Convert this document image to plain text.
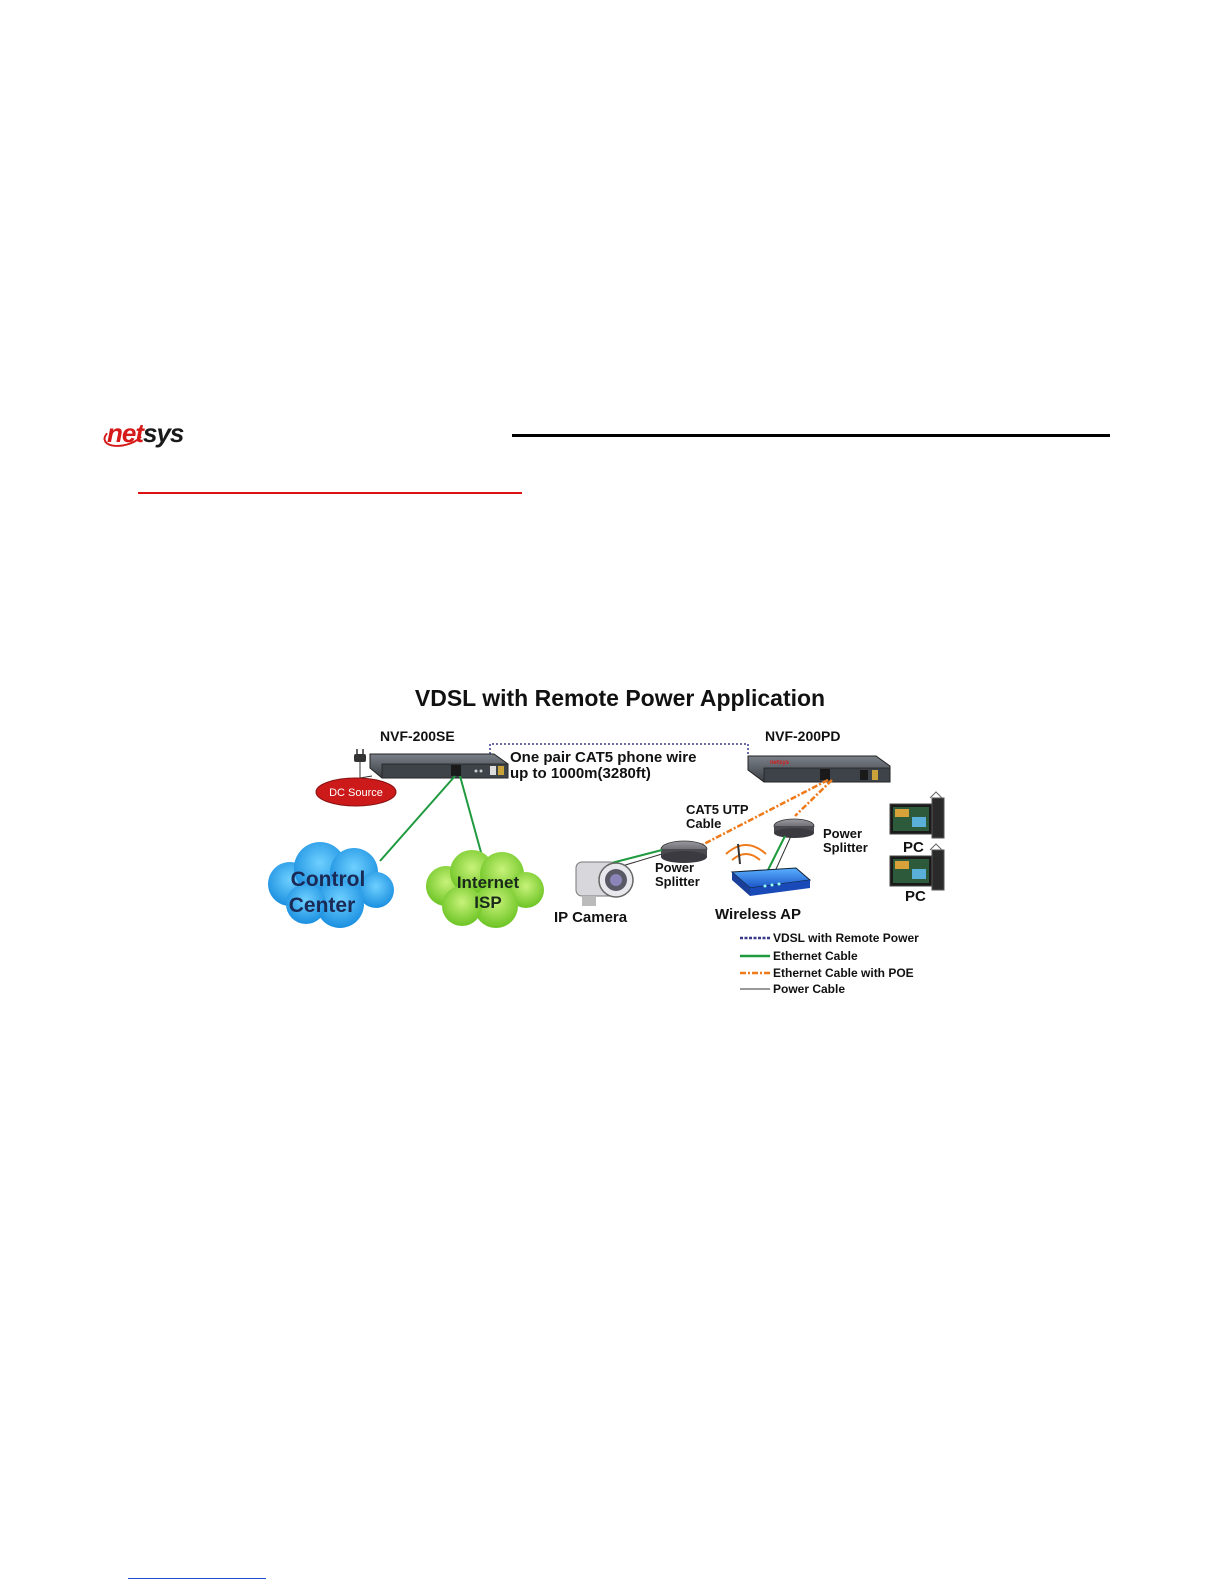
netsys
VDSL with Remote Power Application
NVF-200SE	NVF-200PD
One pair CAT5 phone wire
up to 1000m(3280ft)
netsys
DC Source
Control
Center
Internet
ISP
CAT5 UTP
Cable
Power
Splitter
IP Camera
Power
Splitter
Wireless AP
PC
PC
VDSL with Remote Power
Ethernet Cable
Ethernet Cable with POE
Power Cable
